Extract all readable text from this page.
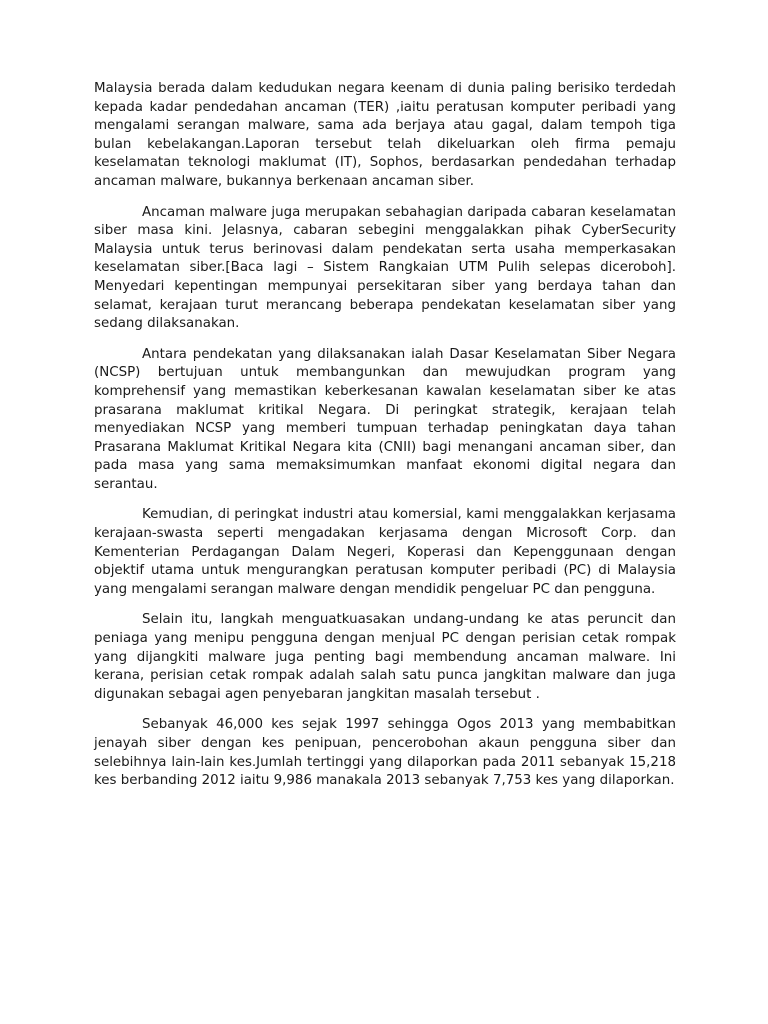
Malaysia berada dalam kedudukan negara keenam di dunia paling berisiko terdedah kepada kadar pendedahan ancaman (TER) ,iaitu peratusan komputer peribadi yang mengalami serangan malware, sama ada berjaya atau gagal, dalam tempoh tiga bulan kebelakangan.Laporan tersebut telah dikeluarkan oleh firma pemaju keselamatan teknologi maklumat (IT), Sophos, berdasarkan pendedahan terhadap ancaman malware, bukannya berkenaan ancaman siber.

Ancaman malware juga merupakan sebahagian daripada cabaran keselamatan siber masa kini. Jelasnya, cabaran sebegini menggalakkan pihak CyberSecurity Malaysia untuk terus berinovasi dalam pendekatan serta usaha memperkasakan keselamatan siber.[Baca lagi – Sistem Rangkaian UTM Pulih selepas diceroboh]. Menyedari kepentingan mempunyai persekitaran siber yang berdaya tahan dan selamat, kerajaan turut merancang beberapa pendekatan keselamatan siber yang sedang dilaksanakan.

Antara pendekatan yang dilaksanakan ialah Dasar Keselamatan Siber Negara (NCSP) bertujuan untuk membangunkan dan mewujudkan program yang komprehensif yang memastikan keberkesanan kawalan keselamatan siber ke atas prasarana maklumat kritikal Negara. Di peringkat strategik, kerajaan telah menyediakan NCSP yang memberi tumpuan terhadap peningkatan daya tahan Prasarana Maklumat Kritikal Negara kita (CNII) bagi menangani ancaman siber, dan pada masa yang sama memaksimumkan manfaat ekonomi digital negara dan serantau.

Kemudian, di peringkat industri atau komersial, kami menggalakkan kerjasama kerajaan-swasta seperti mengadakan kerjasama dengan Microsoft Corp. dan Kementerian Perdagangan Dalam Negeri, Koperasi dan Kepenggunaan dengan objektif utama untuk mengurangkan peratusan komputer peribadi (PC) di Malaysia yang mengalami serangan malware dengan mendidik pengeluar PC dan pengguna.

Selain itu, langkah menguatkuasakan undang-undang ke atas peruncit dan peniaga yang menipu pengguna dengan menjual PC dengan perisian cetak rompak yang dijangkiti malware juga penting bagi membendung ancaman malware. Ini kerana, perisian cetak rompak adalah salah satu punca jangkitan malware dan juga digunakan sebagai agen penyebaran jangkitan masalah tersebut .

Sebanyak 46,000 kes sejak 1997 sehingga Ogos 2013 yang membabitkan jenayah siber dengan kes penipuan, pencerobohan akaun pengguna siber dan selebihnya lain-lain kes.Jumlah tertinggi yang dilaporkan pada 2011 sebanyak 15,218 kes berbanding 2012 iaitu 9,986 manakala 2013 sebanyak 7,753 kes yang dilaporkan.
